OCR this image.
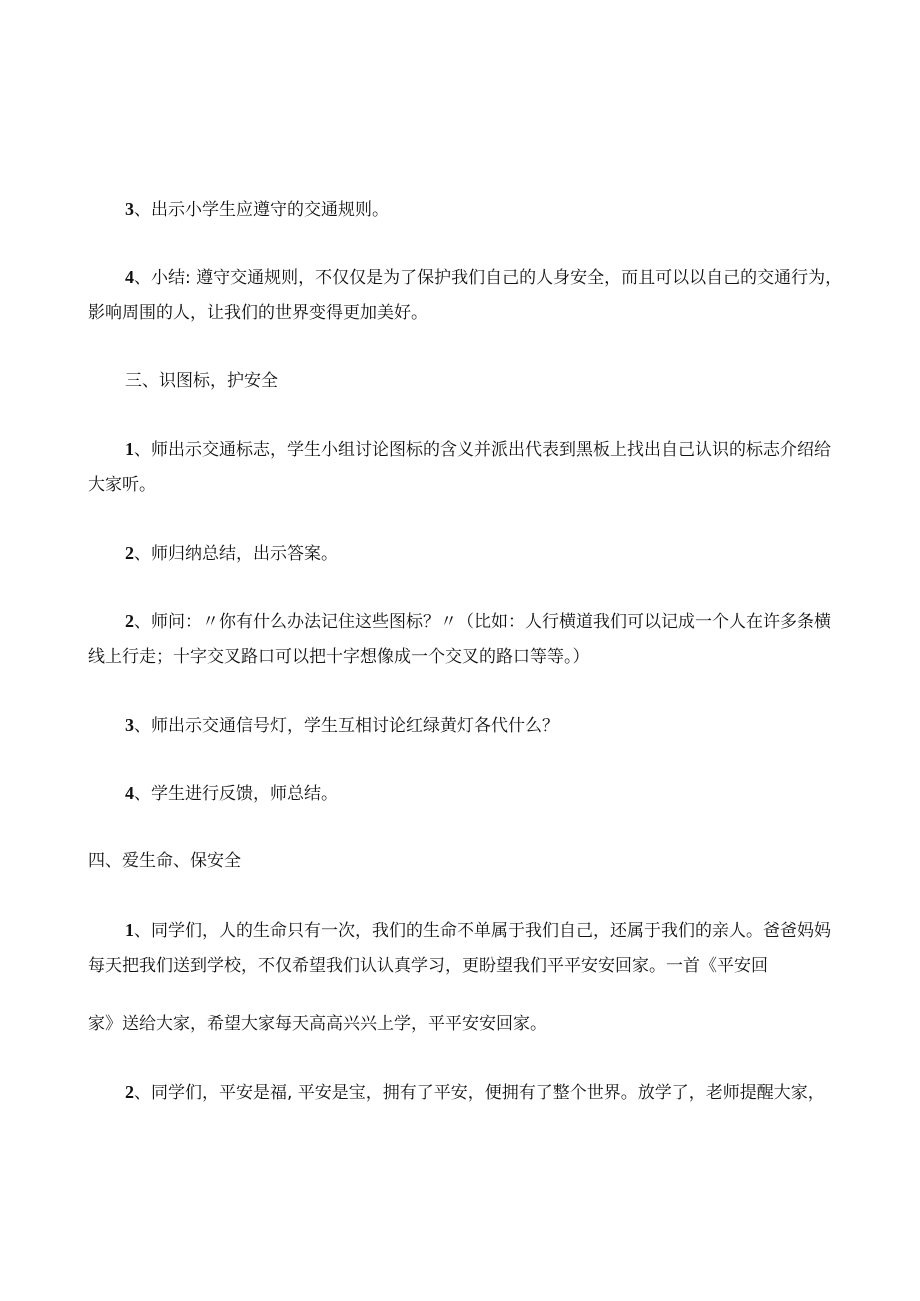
3、出示小学生应遵守的交通规则。
4、小结: 遵守交通规则，不仅仅是为了保护我们自己的人身安全，而且可以以自己的交通行为，
影响周围的人，让我们的世界变得更加美好。
三、识图标，护安全
1、师出示交通标志，学生小组讨论图标的含义并派出代表到黑板上找出自己认识的标志介绍给
大家听。
2、师归纳总结，出示答案。
2、师问：〃你有什么办法记住这些图标？〃（比如：人行横道我们可以记成一个人在许多条横
线上行走；十字交叉路口可以把十字想像成一个交叉的路口等等。）
3、师出示交通信号灯，学生互相讨论红绿黄灯各代什么？
4、学生进行反馈，师总结。
四、爱生命、保安全
1、同学们，人的生命只有一次，我们的生命不单属于我们自己，还属于我们的亲人。爸爸妈妈
每天把我们送到学校，不仅希望我们认认真学习，更盼望我们平平安安回家。一首《平安回
家》送给大家，希望大家每天高高兴兴上学，平平安安回家。
2、同学们，平安是福, 平安是宝，拥有了平安，便拥有了整个世界。放学了，老师提醒大家，
